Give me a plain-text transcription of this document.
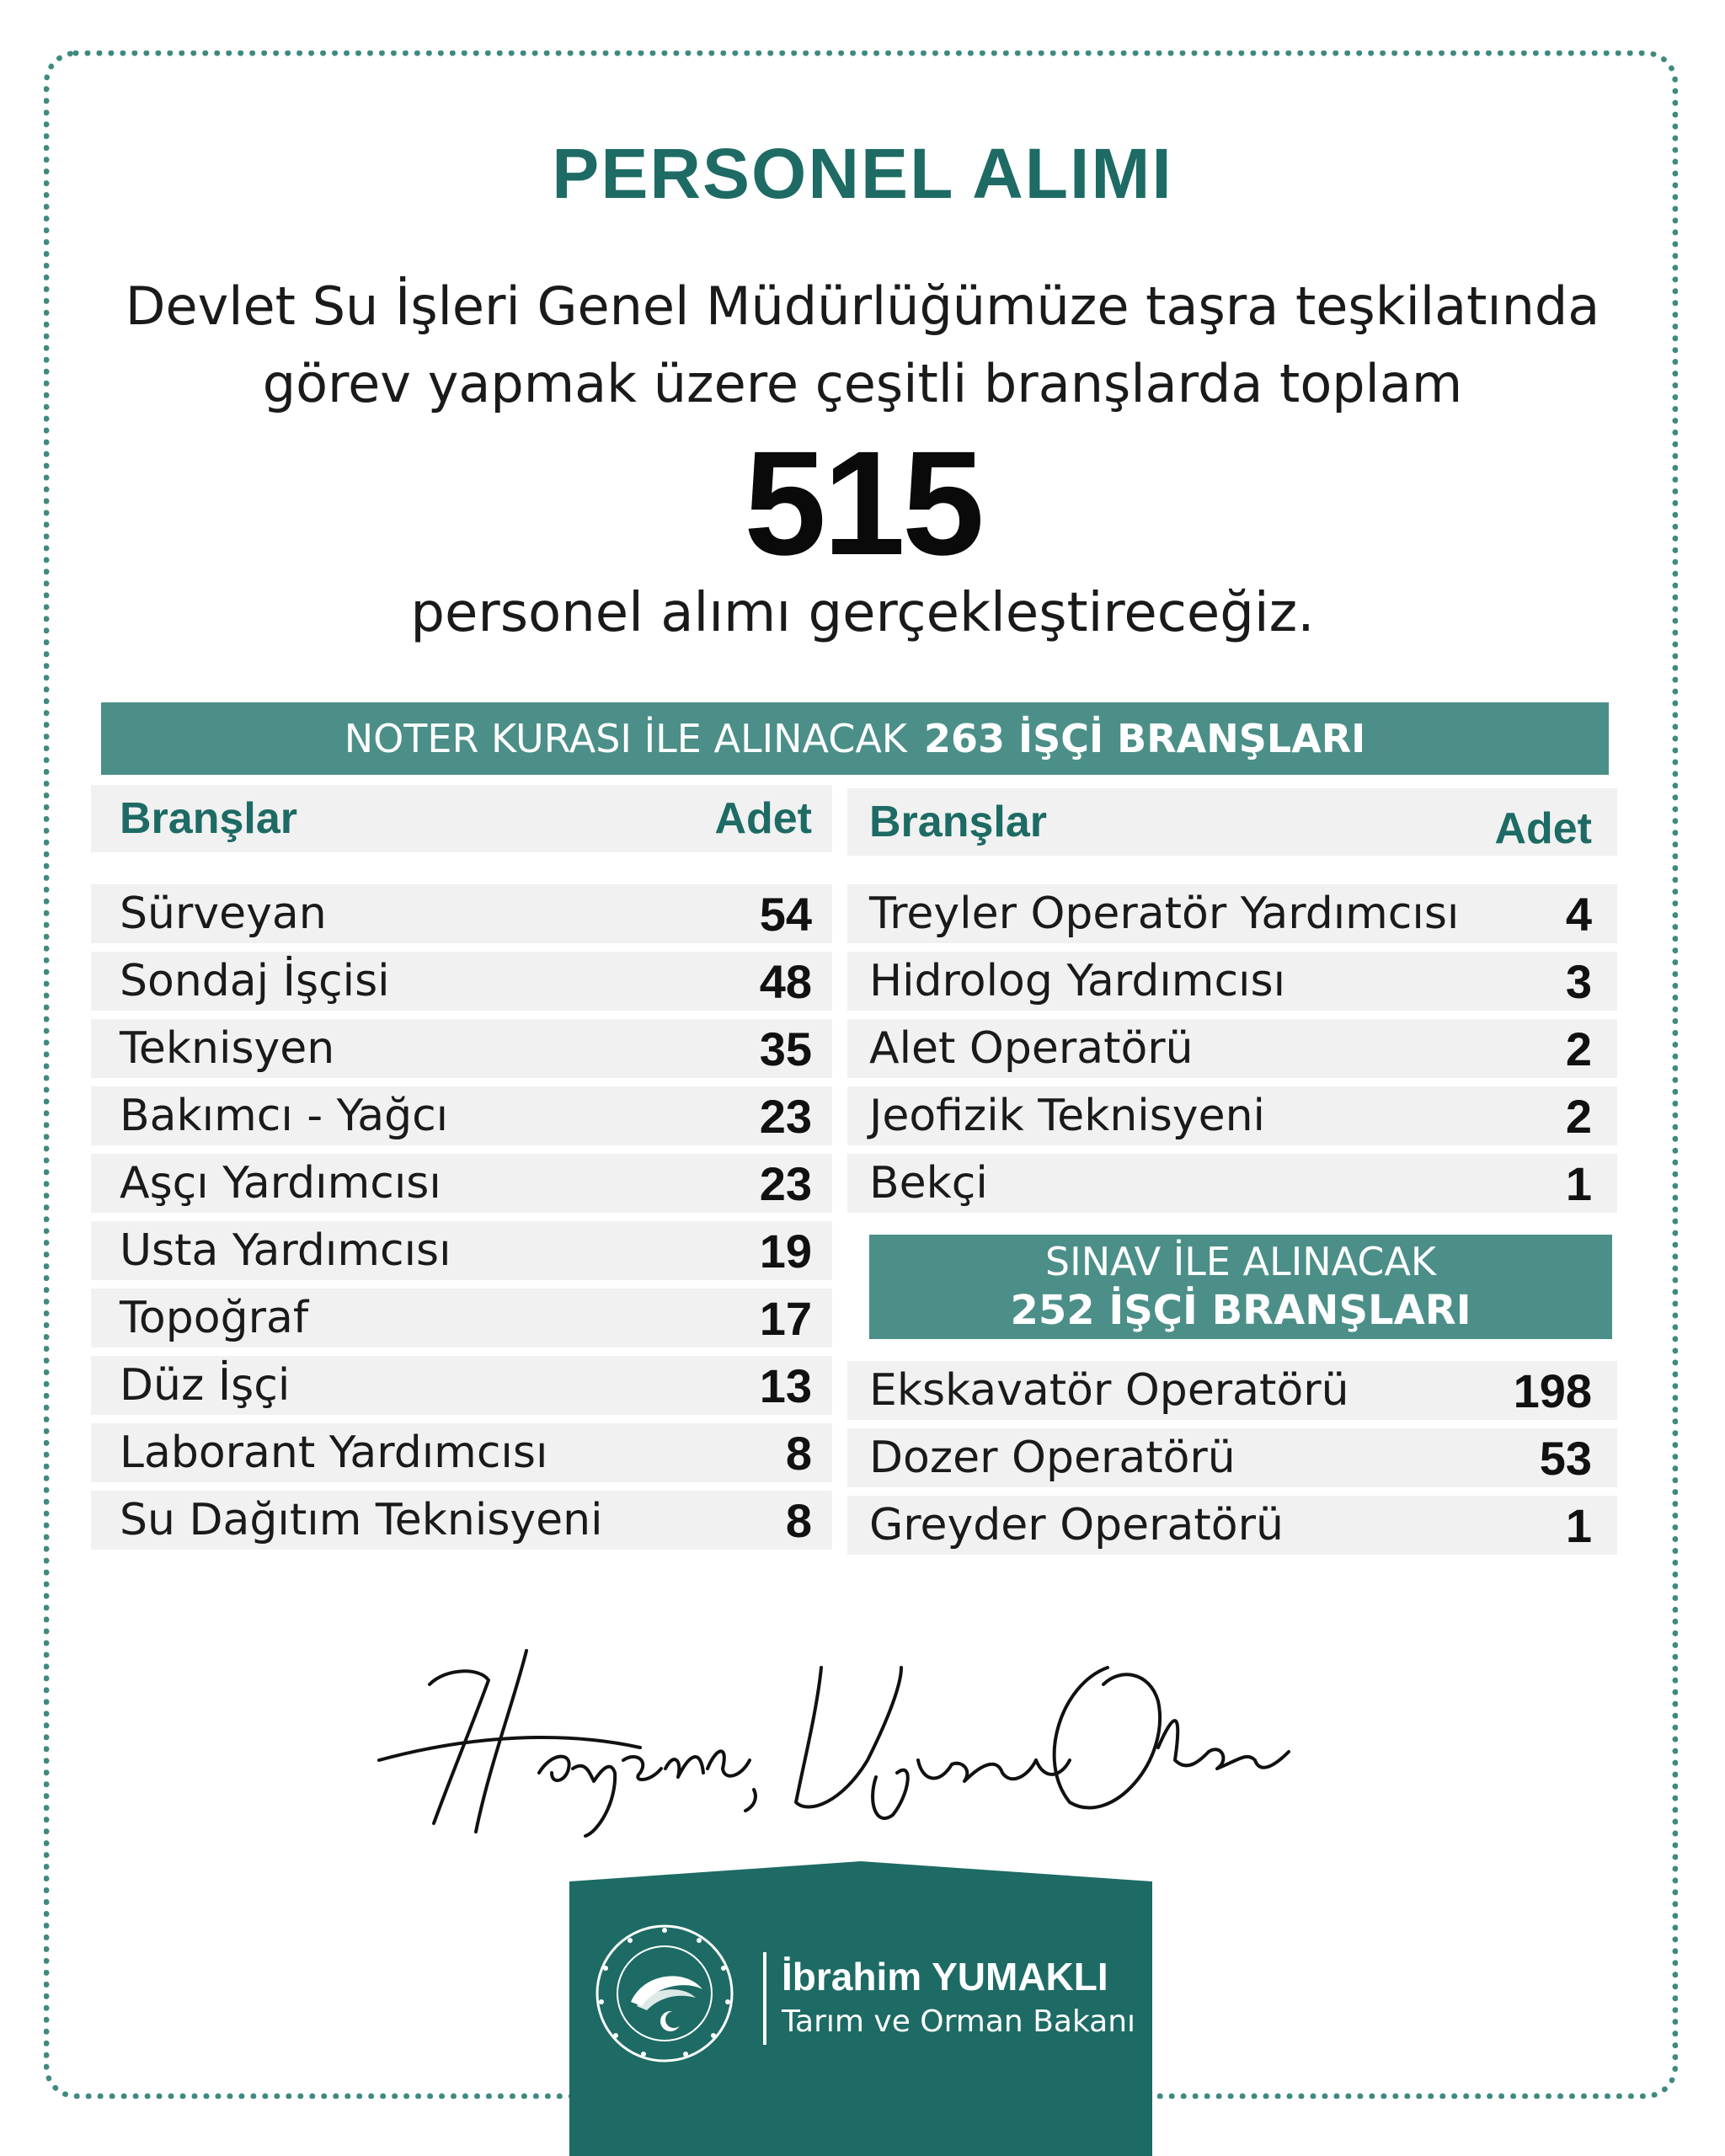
PERSONEL ALIMI
Devlet Su İşleri Genel Müdürlüğümüze taşra teşkilatında
görev yapmak üzere çeşitli branşlarda toplam
515
personel alımı gerçekleştireceğiz.
NOTER KURASI İLE ALINACAK 263 İŞÇİ BRANŞLARI
Branşlar	Adet
Sürveyan	54
Sondaj İşçisi	48
Teknisyen	35
Bakımcı - Yağcı	23
Aşçı Yardımcısı	23
Usta Yardımcısı	19
Topoğraf	17
Düz İşçi	13
Laborant Yardımcısı	8
Su Dağıtım Teknisyeni	8
Branşlar	Adet
Treyler Operatör Yardımcısı 4
Hidrolog Yardımcısı	3
Alet Operatörü	2
Jeofizik Teknisyeni	2
Bekçi	1
SINAV İLE ALINACAK
252 İŞÇİ BRANŞLARI
Ekskavatör Operatörü	198
Dozer Operatörü	53
Greyder Operatörü	1
İbrahim YUMAKLI
Tarım ve Orman Bakanı
